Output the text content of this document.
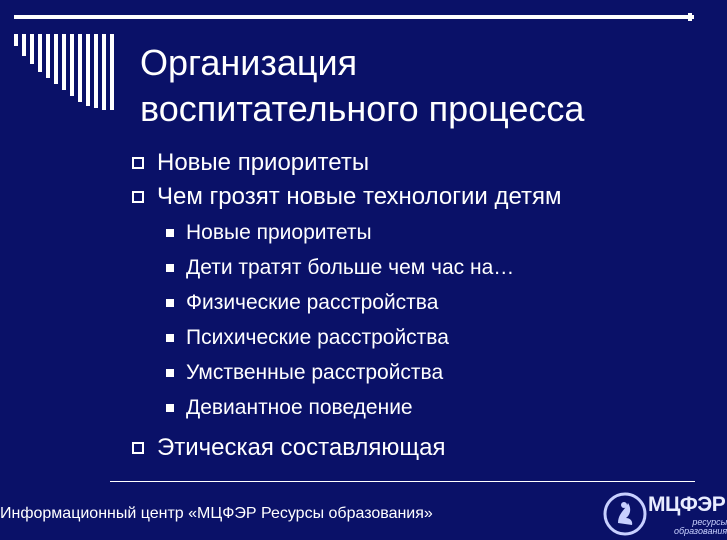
Организация
воспитательного процесса
Новые приоритеты
Чем грозят новые технологии детям
Новые приоритеты
Дети тратят больше чем час на…
Физические расстройства
Психические расстройства
Умственные расстройства
Девиантное поведение
Этическая составляющая
Информационный центр «МЦФЭР Ресурсы образования»	МЦФЭР
ресурсы
образования
